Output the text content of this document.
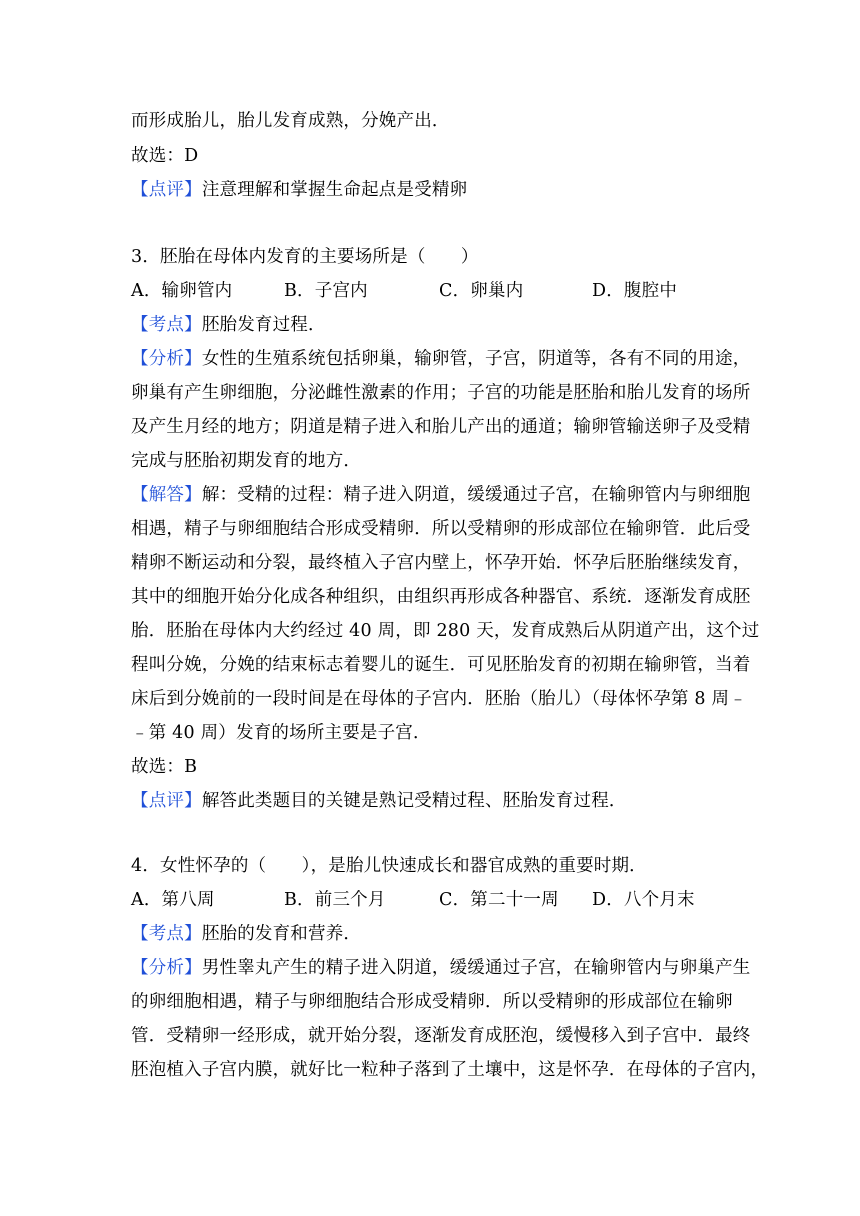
而形成胎儿，胎儿发育成熟，分娩产出．
故选：D
【点评】注意理解和掌握生命起点是受精卵
3．胚胎在母体内发育的主要场所是（　　）
A．输卵管内	B．子宫内	C．卵巢内	D．腹腔中
【考点】胚胎发育过程．
【分析】女性的生殖系统包括卵巢，输卵管，子宫，阴道等，各有不同的用途，
卵巢有产生卵细胞，分泌雌性激素的作用；子宫的功能是胚胎和胎儿发育的场所
及产生月经的地方；阴道是精子进入和胎儿产出的通道；输卵管输送卵子及受精
完成与胚胎初期发育的地方．
【解答】解：受精的过程：精子进入阴道，缓缓通过子宫，在输卵管内与卵细胞
相遇，精子与卵细胞结合形成受精卵．所以受精卵的形成部位在输卵管．此后受
精卵不断运动和分裂，最终植入子宫内壁上，怀孕开始．怀孕后胚胎继续发育，
其中的细胞开始分化成各种组织，由组织再形成各种器官、系统．逐渐发育成胚
胎．胚胎在母体内大约经过 40 周，即 280 天，发育成熟后从阴道产出，这个过
程叫分娩，分娩的结束标志着婴儿的诞生．可见胚胎发育的初期在输卵管，当着
床后到分娩前的一段时间是在母体的子宫内．胚胎（胎儿）（母体怀孕第 8 周﹣
﹣第 40 周）发育的场所主要是子宫．
故选：B
【点评】解答此类题目的关键是熟记受精过程、胚胎发育过程．
4．女性怀孕的（　　），是胎儿快速成长和器官成熟的重要时期．
A．第八周	B．前三个月	C．第二十一周 D．八个月末
【考点】胚胎的发育和营养．
【分析】男性睾丸产生的精子进入阴道，缓缓通过子宫，在输卵管内与卵巢产生
的卵细胞相遇，精子与卵细胞结合形成受精卵．所以受精卵的形成部位在输卵
管．受精卵一经形成，就开始分裂，逐渐发育成胚泡，缓慢移入到子宫中．最终
胚泡植入子宫内膜，就好比一粒种子落到了土壤中，这是怀孕．在母体的子宫内，
